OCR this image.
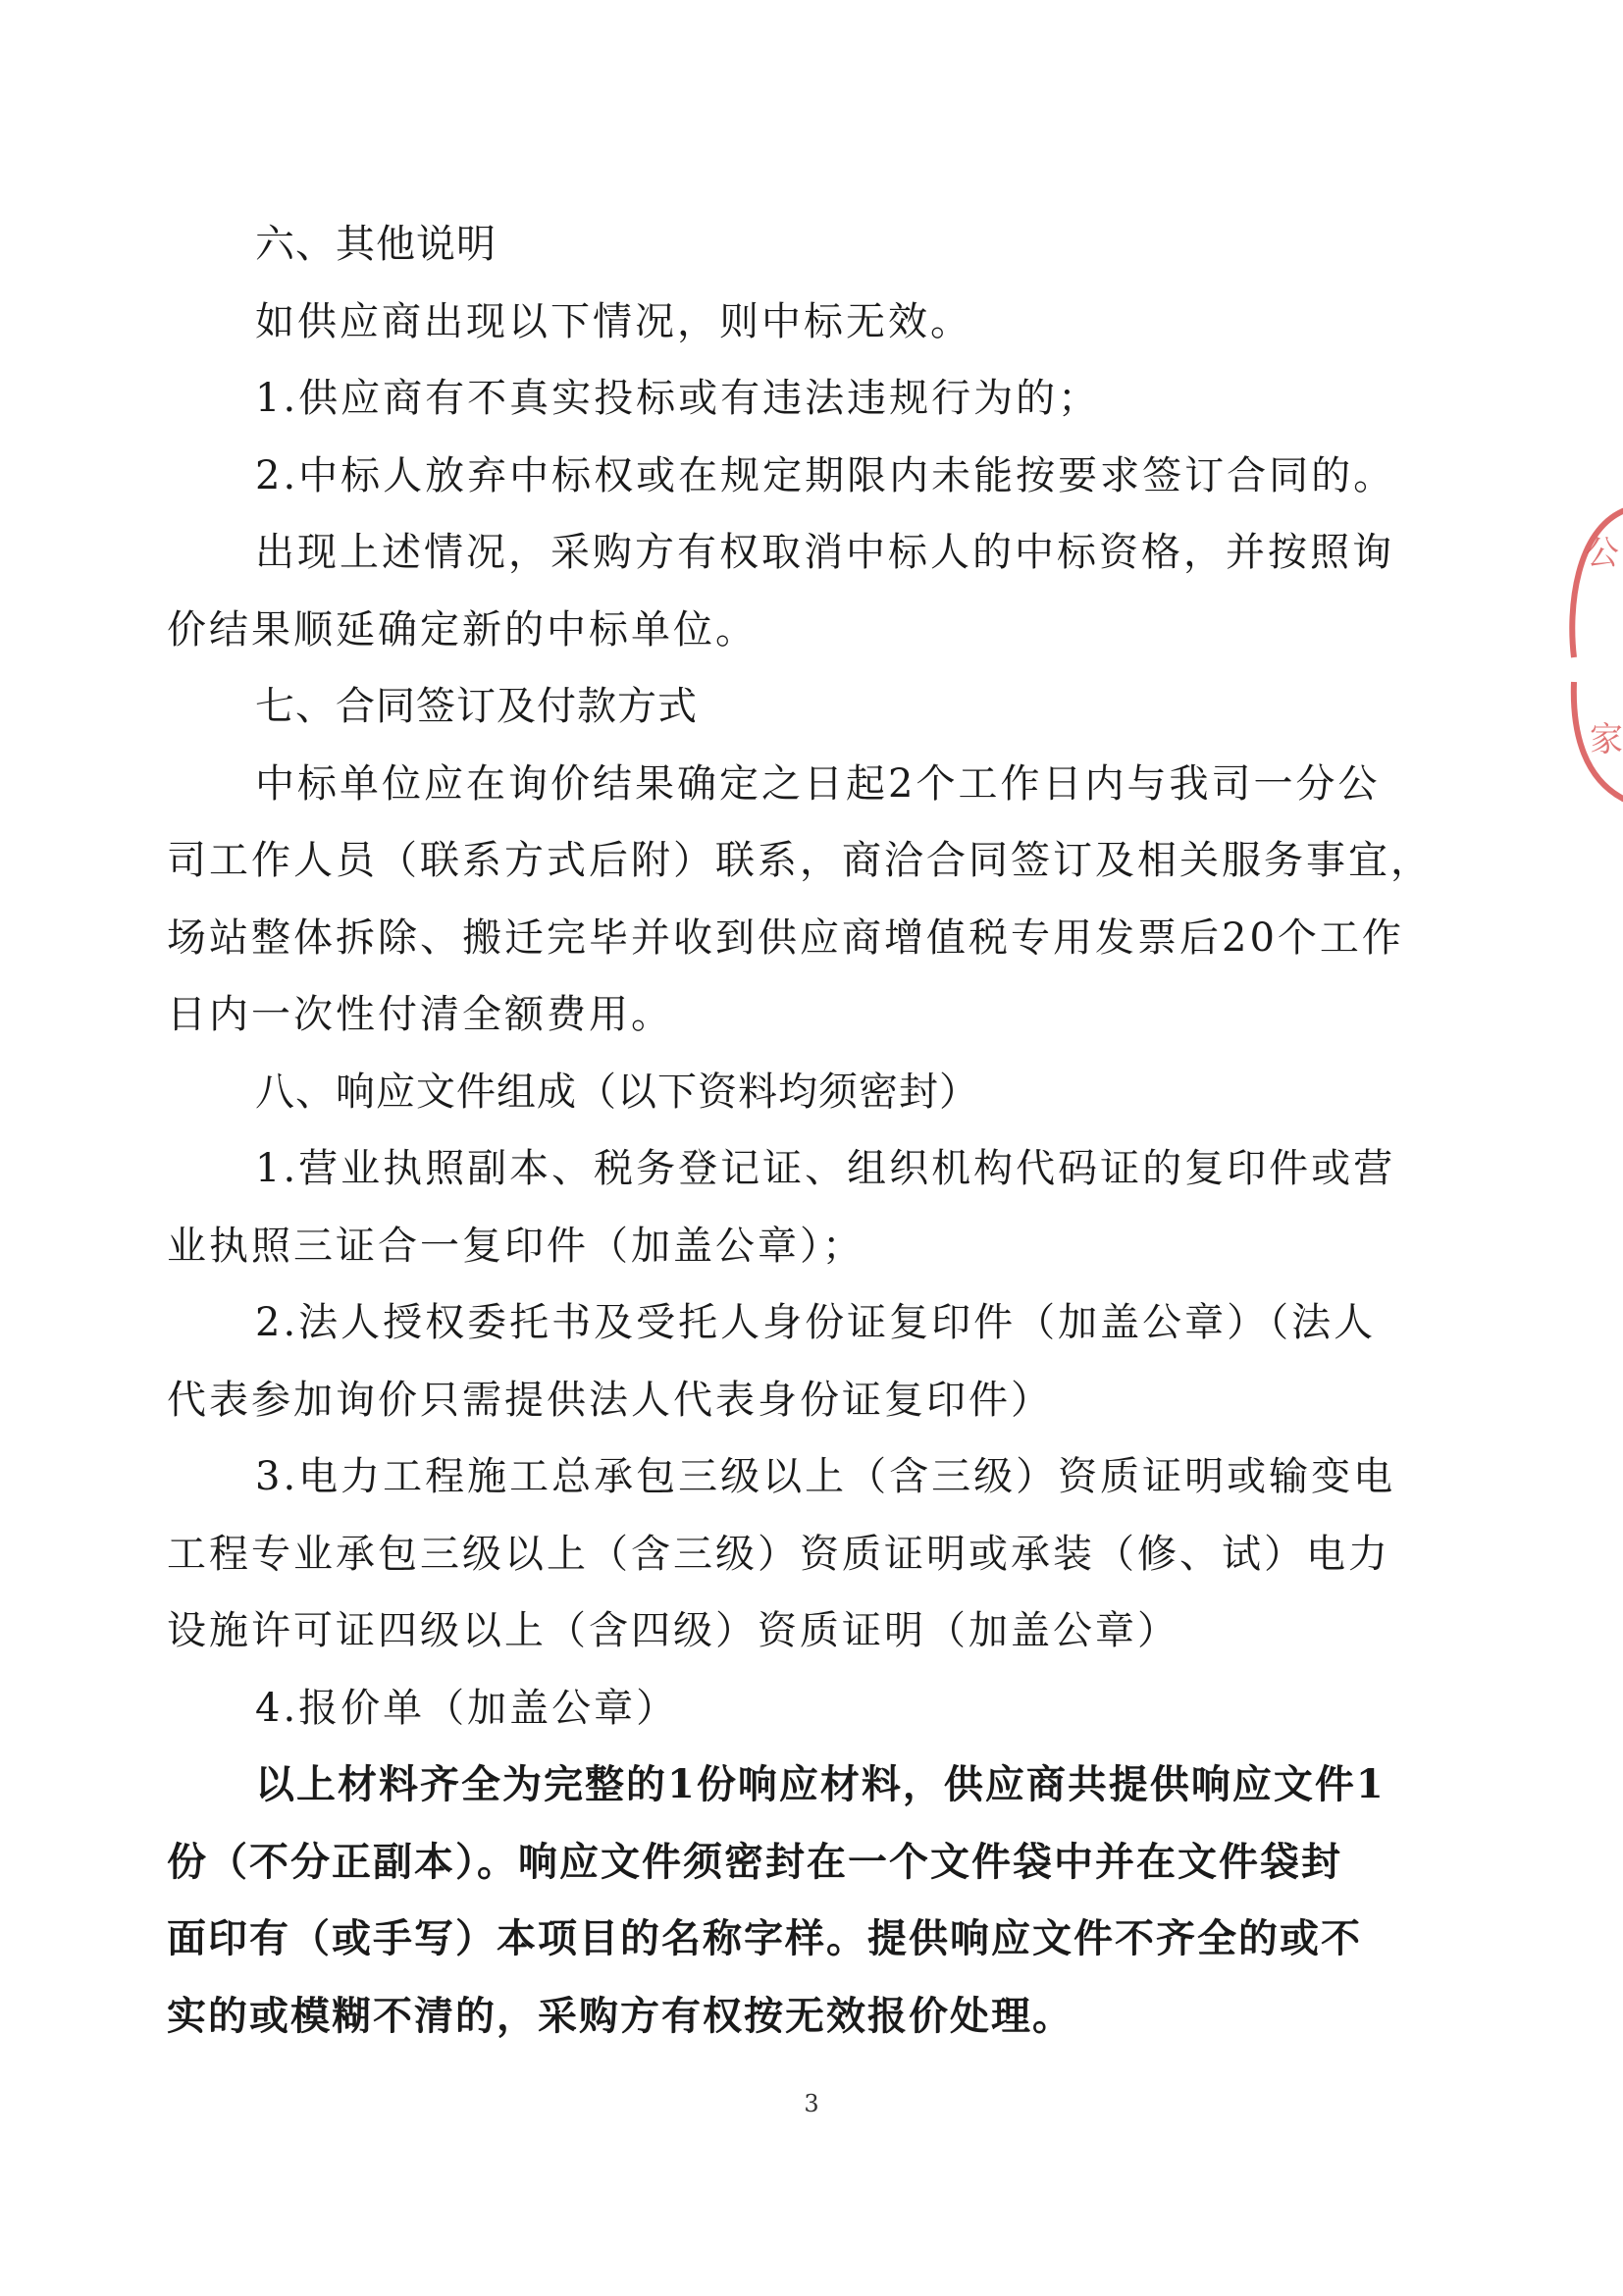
六、其他说明
如供应商出现以下情况，则中标无效。
1.供应商有不真实投标或有违法违规行为的；
2.中标人放弃中标权或在规定期限内未能按要求签订合同的。
出现上述情况，采购方有权取消中标人的中标资格，并按照询
价结果顺延确定新的中标单位。
七、合同签订及付款方式
中标单位应在询价结果确定之日起2个工作日内与我司一分公
司工作人员（联系方式后附）联系，商洽合同签订及相关服务事宜，
场站整体拆除、搬迁完毕并收到供应商增值税专用发票后20个工作
日内一次性付清全额费用。
八、响应文件组成（以下资料均须密封）
1.营业执照副本、税务登记证、组织机构代码证的复印件或营
业执照三证合一复印件（加盖公章）；
2.法人授权委托书及受托人身份证复印件（加盖公章）（法人
代表参加询价只需提供法人代表身份证复印件）
3.电力工程施工总承包三级以上（含三级）资质证明或输变电
工程专业承包三级以上（含三级）资质证明或承装（修、试）电力
设施许可证四级以上（含四级）资质证明（加盖公章）
4.报价单（加盖公章）
以上材料齐全为完整的1份响应材料，供应商共提供响应文件1
份（不分正副本）。响应文件须密封在一个文件袋中并在文件袋封
面印有（或手写）本项目的名称字样。提供响应文件不齐全的或不
实的或模糊不清的，采购方有权按无效报价处理。
3
公
家
